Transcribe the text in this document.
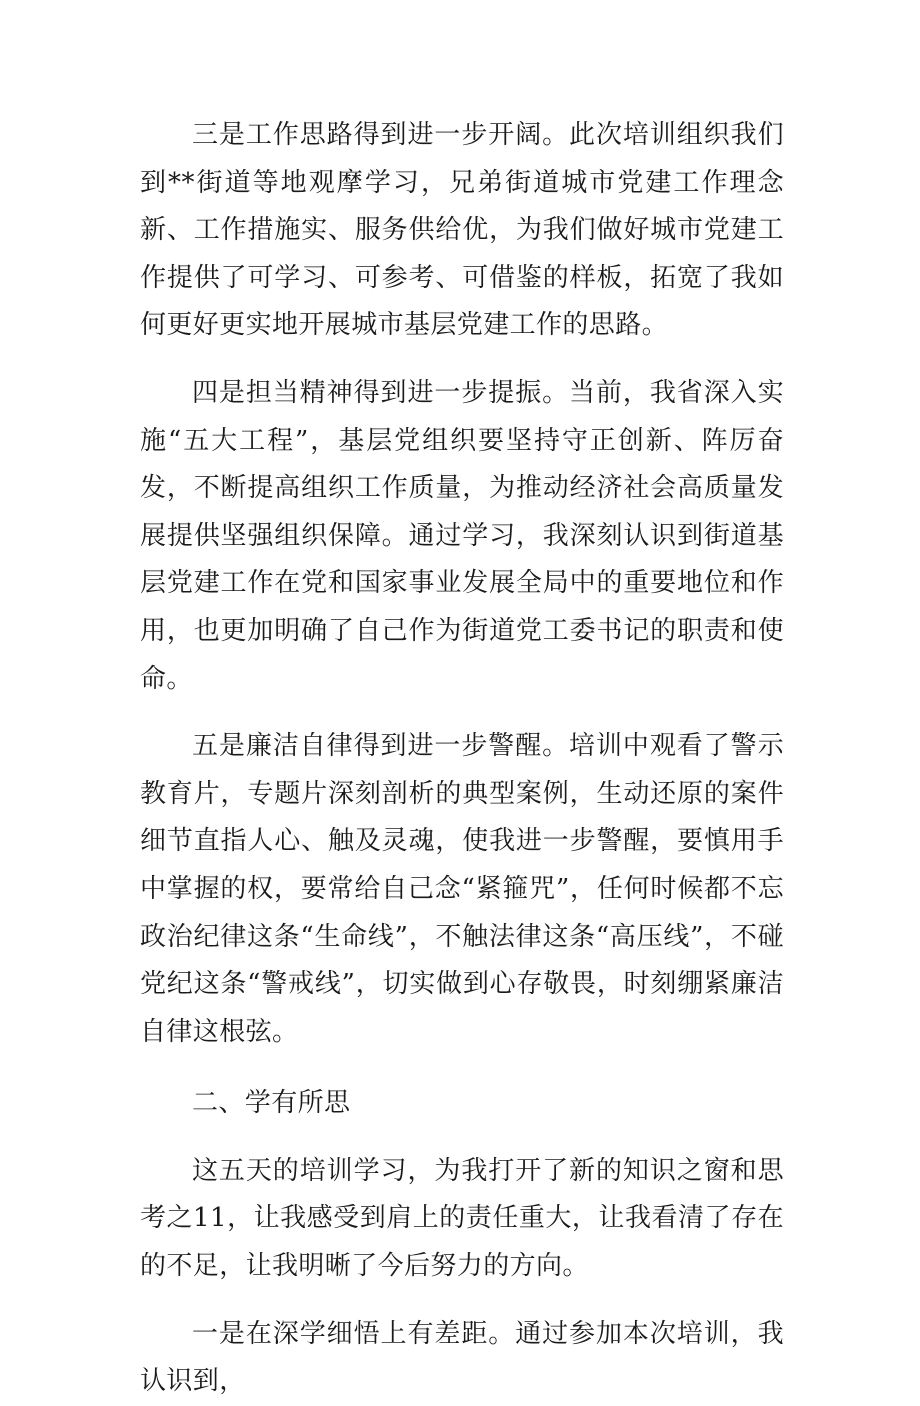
三是工作思路得到进一步开阔。此次培训组织我们到**街道等地观摩学习，兄弟街道城市党建工作理念新、工作措施实、服务供给优，为我们做好城市党建工作提供了可学习、可参考、可借鉴的样板，拓宽了我如何更好更实地开展城市基层党建工作的思路。

四是担当精神得到进一步提振。当前，我省深入实施“五大工程”，基层党组织要坚持守正创新、阵厉奋发，不断提高组织工作质量，为推动经济社会高质量发展提供坚强组织保障。通过学习，我深刻认识到街道基层党建工作在党和国家事业发展全局中的重要地位和作用，也更加明确了自己作为街道党工委书记的职责和使命。

五是廉洁自律得到进一步警醒。培训中观看了警示教育片，专题片深刻剖析的典型案例，生动还原的案件细节直指人心、触及灵魂，使我进一步警醒，要慎用手中掌握的权，要常给自己念“紧箍咒”，任何时候都不忘政治纪律这条“生命线”，不触法律这条“高压线”，不碰党纪这条“警戒线”，切实做到心存敬畏，时刻绷紧廉洁自律这根弦。

二、学有所思

这五天的培训学习，为我打开了新的知识之窗和思考之11，让我感受到肩上的责任重大，让我看清了存在的不足，让我明晰了今后努力的方向。

一是在深学细悟上有差距。通过参加本次培训，我认识到，
